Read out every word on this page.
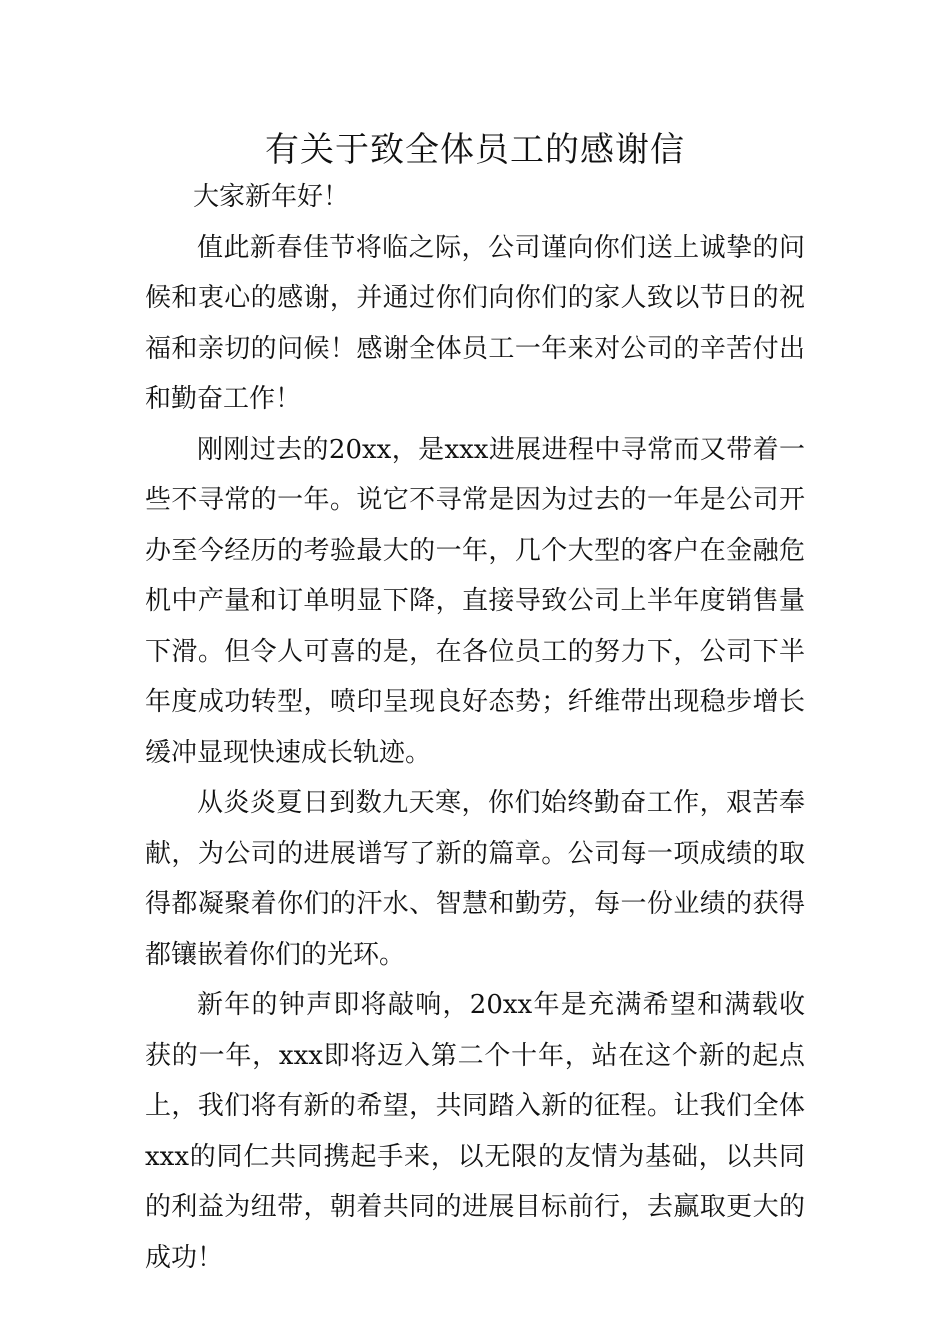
有关于致全体员工的感谢信

大家新年好！

值此新春佳节将临之际，公司谨向你们送上诚挚的问候和衷心的感谢，并通过你们向你们的家人致以节日的祝福和亲切的问候！感谢全体员工一年来对公司的辛苦付出和勤奋工作！

刚刚过去的20xx，是xxx进展进程中寻常而又带着一些不寻常的一年。说它不寻常是因为过去的一年是公司开办至今经历的考验最大的一年，几个大型的客户在金融危机中产量和订单明显下降，直接导致公司上半年度销售量下滑。但令人可喜的是，在各位员工的努力下，公司下半年度成功转型，喷印呈现良好态势；纤维带出现稳步增长缓冲显现快速成长轨迹。

从炎炎夏日到数九天寒，你们始终勤奋工作，艰苦奉献，为公司的进展谱写了新的篇章。公司每一项成绩的取得都凝聚着你们的汗水、智慧和勤劳，每一份业绩的获得都镶嵌着你们的光环。

新年的钟声即将敲响，20xx年是充满希望和满载收获的一年，xxx即将迈入第二个十年，站在这个新的起点上，我们将有新的希望，共同踏入新的征程。让我们全体xxx的同仁共同携起手来，以无限的友情为基础，以共同的利益为纽带，朝着共同的进展目标前行，去赢取更大的成功！
